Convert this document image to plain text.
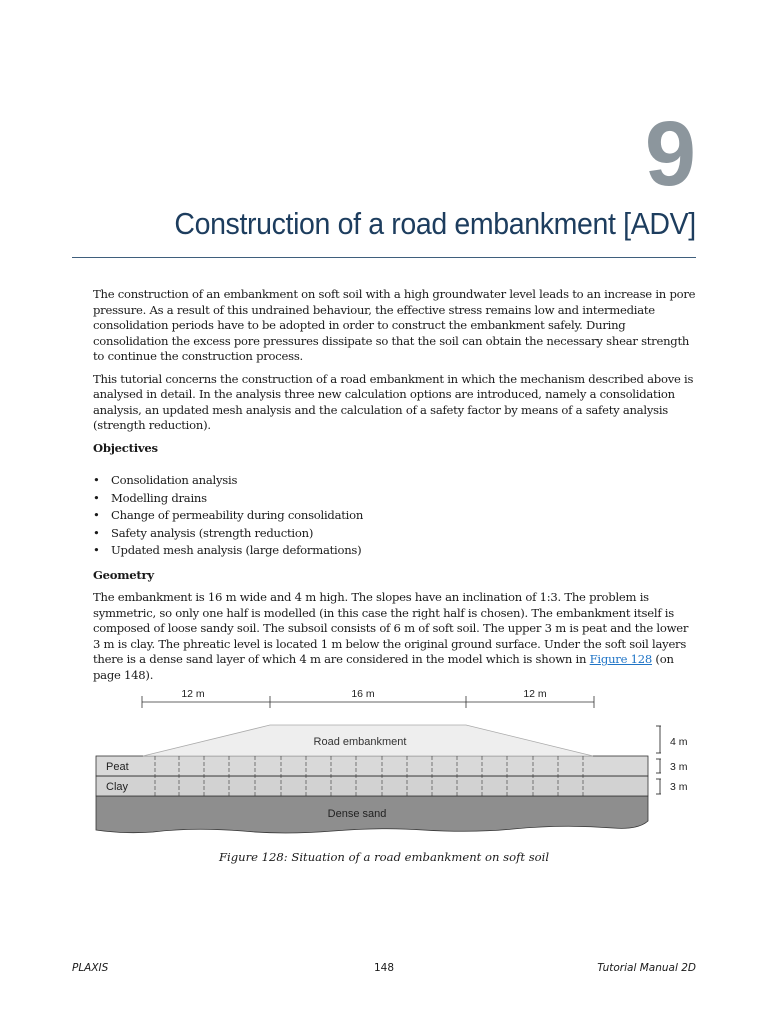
9
Construction of a road embankment [ADV]

The construction of an embankment on soft soil with a high groundwater level leads to an increase in pore pressure. As a result of this undrained behaviour, the effective stress remains low and intermediate consolidation periods have to be adopted in order to construct the embankment safely. During consolidation the excess pore pressures dissipate so that the soil can obtain the necessary shear strength to continue the construction process.

This tutorial concerns the construction of a road embankment in which the mechanism described above is analysed in detail. In the analysis three new calculation options are introduced, namely a consolidation analysis, an updated mesh analysis and the calculation of a safety factor by means of a safety analysis (strength reduction).

Objectives
• Consolidation analysis
• Modelling drains
• Change of permeability during consolidation
• Safety analysis (strength reduction)
• Updated mesh analysis (large deformations)
Geometry

The embankment is 16 m wide and 4 m high. The slopes have an inclination of 1:3. The problem is symmetric, so only one half is modelled (in this case the right half is chosen). The embankment itself is composed of loose sandy soil. The subsoil consists of 6 m of soft soil. The upper 3 m is peat and the lower 3 m is clay. The phreatic level is located 1 m below the original ground surface. Under the soft soil layers there is a dense sand layer of which 4 m are considered in the model which is shown in Figure 128 (on page 148).

12 m	16 m	12 m
Road embankment
Peat
Clay
Dense sand
4 m
3 m
3 m
Figure 128: Situation of a road embankment on soft soil
PLAXIS	148	Tutorial Manual 2D
